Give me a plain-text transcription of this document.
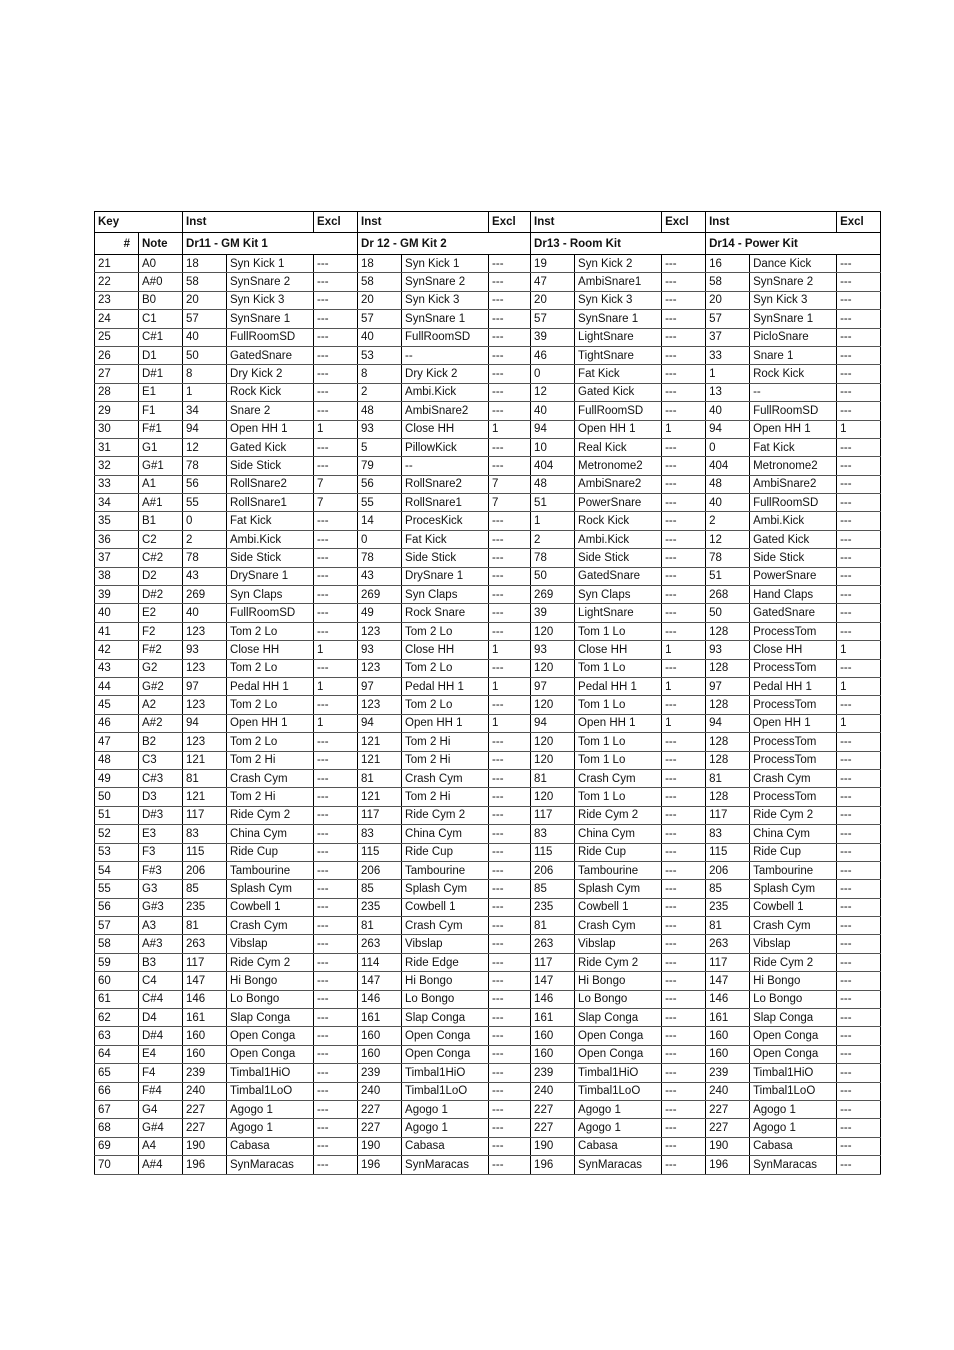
Key		Inst		Excl	Inst		Excl	Inst		Excl	Inst		Excl
#	Note	Dr11 - GM Kit 1			Dr 12 - GM Kit 2			Dr13 - Room Kit			Dr14 - Power Kit		
21	A0	18	Syn Kick 1	---	18	Syn Kick 1	---	19	Syn Kick 2	---	16	Dance Kick	---
22	A#0	58	SynSnare 2	---	58	SynSnare 2	---	47	AmbiSnare1	---	58	SynSnare 2	---
23	B0	20	Syn Kick 3	---	20	Syn Kick 3	---	20	Syn Kick 3	---	20	Syn Kick 3	---
24	C1	57	SynSnare 1	---	57	SynSnare 1	---	57	SynSnare 1	---	57	SynSnare 1	---
25	C#1	40	FullRoomSD	---	40	FullRoomSD	---	39	LightSnare	---	37	PicloSnare	---
26	D1	50	GatedSnare	---	53	--	---	46	TightSnare	---	33	Snare 1	---
27	D#1	8	Dry Kick 2	---	8	Dry Kick 2	---	0	Fat Kick	---	1	Rock Kick	---
28	E1	1	Rock Kick	---	2	Ambi.Kick	---	12	Gated Kick	---	13	--	---
29	F1	34	Snare 2	---	48	AmbiSnare2	---	40	FullRoomSD	---	40	FullRoomSD	---
30	F#1	94	Open HH 1	1	93	Close HH	1	94	Open HH 1	1	94	Open HH 1	1
31	G1	12	Gated Kick	---	5	PillowKick	---	10	Real Kick	---	0	Fat Kick	---
32	G#1	78	Side Stick	---	79	--	---	404	Metronome2	---	404	Metronome2	---
33	A1	56	RollSnare2	7	56	RollSnare2	7	48	AmbiSnare2	---	48	AmbiSnare2	---
34	A#1	55	RollSnare1	7	55	RollSnare1	7	51	PowerSnare	---	40	FullRoomSD	---
35	B1	0	Fat Kick	---	14	ProcesKick	---	1	Rock Kick	---	2	Ambi.Kick	---
36	C2	2	Ambi.Kick	---	0	Fat Kick	---	2	Ambi.Kick	---	12	Gated Kick	---
37	C#2	78	Side Stick	---	78	Side Stick	---	78	Side Stick	---	78	Side Stick	---
38	D2	43	DrySnare 1	---	43	DrySnare 1	---	50	GatedSnare	---	51	PowerSnare	---
39	D#2	269	Syn Claps	---	269	Syn Claps	---	269	Syn Claps	---	268	Hand Claps	---
40	E2	40	FullRoomSD	---	49	Rock Snare	---	39	LightSnare	---	50	GatedSnare	---
41	F2	123	Tom 2 Lo	---	123	Tom 2 Lo	---	120	Tom 1 Lo	---	128	ProcessTom	---
42	F#2	93	Close HH	1	93	Close HH	1	93	Close HH	1	93	Close HH	1
43	G2	123	Tom 2 Lo	---	123	Tom 2 Lo	---	120	Tom 1 Lo	---	128	ProcessTom	---
44	G#2	97	Pedal HH 1	1	97	Pedal HH 1	1	97	Pedal HH 1	1	97	Pedal HH 1	1
45	A2	123	Tom 2 Lo	---	123	Tom 2 Lo	---	120	Tom 1 Lo	---	128	ProcessTom	---
46	A#2	94	Open HH 1	1	94	Open HH 1	1	94	Open HH 1	1	94	Open HH 1	1
47	B2	123	Tom 2 Lo	---	121	Tom 2 Hi	---	120	Tom 1 Lo	---	128	ProcessTom	---
48	C3	121	Tom 2 Hi	---	121	Tom 2 Hi	---	120	Tom 1 Lo	---	128	ProcessTom	---
49	C#3	81	Crash Cym	---	81	Crash Cym	---	81	Crash Cym	---	81	Crash Cym	---
50	D3	121	Tom 2 Hi	---	121	Tom 2 Hi	---	120	Tom 1 Lo	---	128	ProcessTom	---
51	D#3	117	Ride Cym 2	---	117	Ride Cym 2	---	117	Ride Cym 2	---	117	Ride Cym 2	---
52	E3	83	China Cym	---	83	China Cym	---	83	China Cym	---	83	China Cym	---
53	F3	115	Ride Cup	---	115	Ride Cup	---	115	Ride Cup	---	115	Ride Cup	---
54	F#3	206	Tambourine	---	206	Tambourine	---	206	Tambourine	---	206	Tambourine	---
55	G3	85	Splash Cym	---	85	Splash Cym	---	85	Splash Cym	---	85	Splash Cym	---
56	G#3	235	Cowbell 1	---	235	Cowbell 1	---	235	Cowbell 1	---	235	Cowbell 1	---
57	A3	81	Crash Cym	---	81	Crash Cym	---	81	Crash Cym	---	81	Crash Cym	---
58	A#3	263	Vibslap	---	263	Vibslap	---	263	Vibslap	---	263	Vibslap	---
59	B3	117	Ride Cym 2	---	114	Ride Edge	---	117	Ride Cym 2	---	117	Ride Cym 2	---
60	C4	147	Hi Bongo	---	147	Hi Bongo	---	147	Hi Bongo	---	147	Hi Bongo	---
61	C#4	146	Lo Bongo	---	146	Lo Bongo	---	146	Lo Bongo	---	146	Lo Bongo	---
62	D4	161	Slap Conga	---	161	Slap Conga	---	161	Slap Conga	---	161	Slap Conga	---
63	D#4	160	Open Conga	---	160	Open Conga	---	160	Open Conga	---	160	Open Conga	---
64	E4	160	Open Conga	---	160	Open Conga	---	160	Open Conga	---	160	Open Conga	---
65	F4	239	Timbal1HiO	---	239	Timbal1HiO	---	239	Timbal1HiO	---	239	Timbal1HiO	---
66	F#4	240	Timbal1LoO	---	240	Timbal1LoO	---	240	Timbal1LoO	---	240	Timbal1LoO	---
67	G4	227	Agogo 1	---	227	Agogo 1	---	227	Agogo 1	---	227	Agogo 1	---
68	G#4	227	Agogo 1	---	227	Agogo 1	---	227	Agogo 1	---	227	Agogo 1	---
69	A4	190	Cabasa	---	190	Cabasa	---	190	Cabasa	---	190	Cabasa	---
70	A#4	196	SynMaracas	---	196	SynMaracas	---	196	SynMaracas	---	196	SynMaracas	---
